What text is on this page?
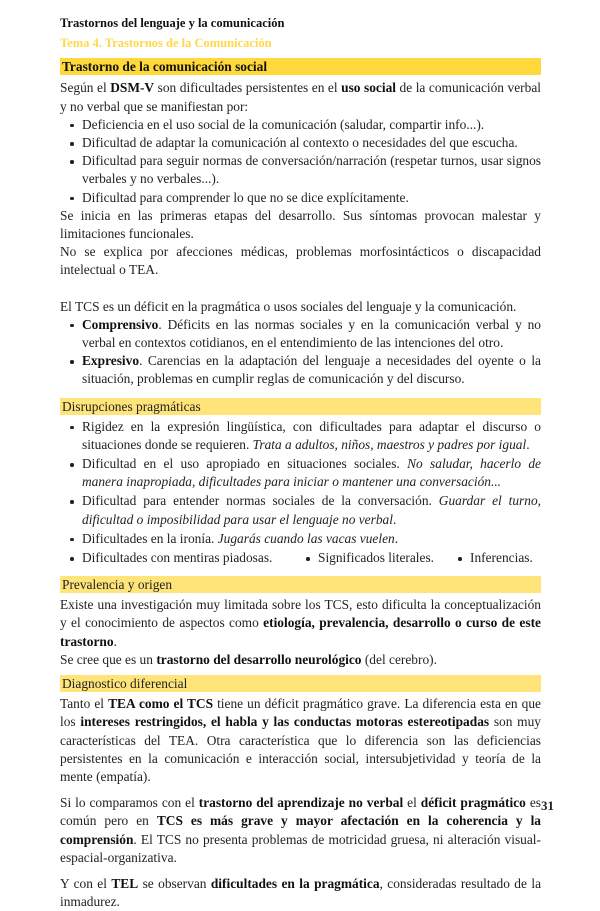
Trastornos del lenguaje y la comunicación
Tema 4. Trastornos de la Comunicación
Trastorno de la comunicación social

Según el DSM-V son dificultades persistentes en el uso social de la comunicación verbal y no verbal que se manifiestan por:

Deficiencia en el uso social de la comunicación (saludar, compartir info...).
Dificultad de adaptar la comunicación al contexto o necesidades del que escucha.
Dificultad para seguir normas de conversación/narración (respetar turnos, usar signos verbales y no verbales...).
Dificultad para comprender lo que no se dice explícitamente.

Se inicia en las primeras etapas del desarrollo. Sus síntomas provocan malestar y limitaciones funcionales.

No se explica por afecciones médicas, problemas morfosintácticos o discapacidad intelectual o TEA.

El TCS es un déficit en la pragmática o usos sociales del lenguaje y la comunicación.

Comprensivo. Déficits en las normas sociales y en la comunicación verbal y no verbal en contextos cotidianos, en el entendimiento de las intenciones del otro.
Expresivo. Carencias en la adaptación del lenguaje a necesidades del oyente o la situación, problemas en cumplir reglas de comunicación y del discurso.
Disrupciones pragmáticas
Rigidez en la expresión lingüística, con dificultades para adaptar el discurso o situaciones donde se requieren. Trata a adultos, niños, maestros y padres por igual.
Dificultad en el uso apropiado en situaciones sociales. No saludar, hacerlo de manera inapropiada, dificultades para iniciar o mantener una conversación...
Dificultad para entender normas sociales de la conversación. Guardar el turno, dificultad o imposibilidad para usar el lenguaje no verbal.
Dificultades en la ironía. Jugarás cuando las vacas vuelen.
Dificultades con mentiras piadosas.	Significados literales.	Inferencias.
Prevalencia y origen

Existe una investigación muy limitada sobre los TCS, esto dificulta la conceptualización y el conocimiento de aspectos como etiología, prevalencia, desarrollo o curso de este trastorno.

Se cree que es un trastorno del desarrollo neurológico (del cerebro).

Diagnostico diferencial

Tanto el TEA como el TCS tiene un déficit pragmático grave. La diferencia esta en que los intereses restringidos, el habla y las conductas motoras estereotipadas son muy características del TEA. Otra característica que lo diferencia son las deficiencias persistentes en la comunicación e interacción social, intersubjetividad y teoría de la mente (empatía).

Si lo comparamos con el trastorno del aprendizaje no verbal el déficit pragmático es común pero en TCS es más grave y mayor afectación en la coherencia y la comprensión. El TCS no presenta problemas de motricidad gruesa, ni alteración visual-espacial-organizativa.

Y con el TEL se observan dificultades en la pragmática, consideradas resultado de la inmadurez.

31
